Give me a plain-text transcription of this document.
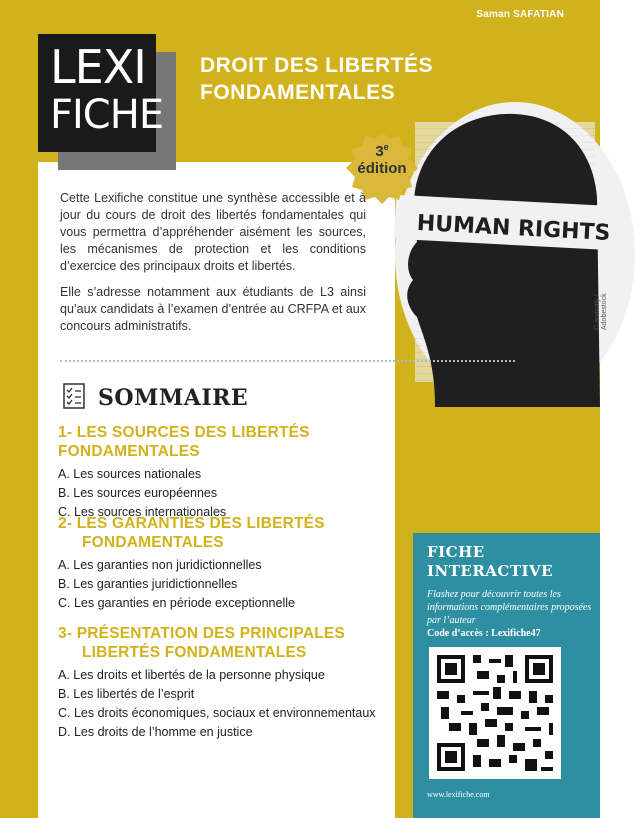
Saman SAFATIAN
HUMAN RIGHTS
© ananaly / Adobestock
LEXI
FICHE
DROIT DES LIBERTÉS
FONDAMENTALES
3e
édition

Cette Lexifiche constitue une synthèse accessible et à jour du cours de droit des libertés fondamentales qui vous permettra d’appréhender aisément les sources, les mécanismes de protection et les conditions d’exercice des principaux droits et libertés.

Elle s’adresse notamment aux étudiants de L3 ainsi qu’aux candidats à l’examen d’entrée au CRFPA et aux concours administratifs.

SOMMAIRE
1- LES SOURCES DES LIBERTÉS FONDAMENTALES
A. Les sources nationales
B. Les sources européennes
C. Les sources internationales
2- LES GARANTIES DES LIBERTÉS
FONDAMENTALES
A. Les garanties non juridictionnelles
B. Les garanties juridictionnelles
C. Les garanties en période exceptionnelle
3- PRÉSENTATION DES PRINCIPALES
LIBERTÉS FONDAMENTALES
A. Les droits et libertés de la personne physique
B. Les libertés de l’esprit
C. Les droits économiques, sociaux et environnementaux
D. Les droits de l’homme en justice
FICHE
INTERACTIVE
Flashez pour découvrir toutes les informations complémentaires proposées par l’auteur
Code d’accès : Lexifiche47
www.lexifiche.com
